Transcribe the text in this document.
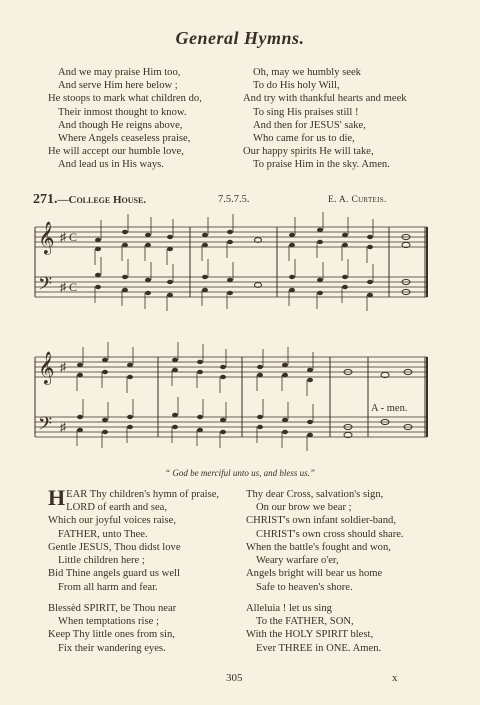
General Hymns.
And we may praise Him too,
And serve Him here below ;
He stoops to mark what children do,
Their inmost thought to know.
And though He reigns above,
Where Angels ceaseless praise,
He will accept our humble love,
And lead us in His ways.
Oh, may we humbly seek
To do His holy Will,
And try with thankful hearts and meek
To sing His praises still !
And then for JESUS' sake,
Who came for us to die,
Our happy spirits He will take,
To praise Him in the sky. Amen.
271.—College House.	7.5.7.5.	E. A. Curteis.
𝄞
𝄢
♯ C
♯ C
𝄞
𝄢
♯
♯
A - men.
“ God be merciful unto us, and bless us.”
H EAR Thy children's hymn of praise,
LORD of earth and sea,
Which our joyful voices raise,
FATHER, unto Thee.
Gentle JESUS, Thou didst love
Little children here ;
Bid Thine angels guard us well
From all harm and fear.
Blessèd SPIRIT, be Thou near
When temptations rise ;
Keep Thy little ones from sin,
Fix their wandering eyes.
Thy dear Cross, salvation's sign,
On our brow we bear ;
CHRIST's own infant soldier-band,
CHRIST's own cross should share.
When the battle's fought and won,
Weary warfare o'er,
Angels bright will bear us home
Safe to heaven's shore.
Alleluia ! let us sing
To the FATHER, SON,
With the HOLY SPIRIT blest,
Ever THREE in ONE. Amen.
305	x
